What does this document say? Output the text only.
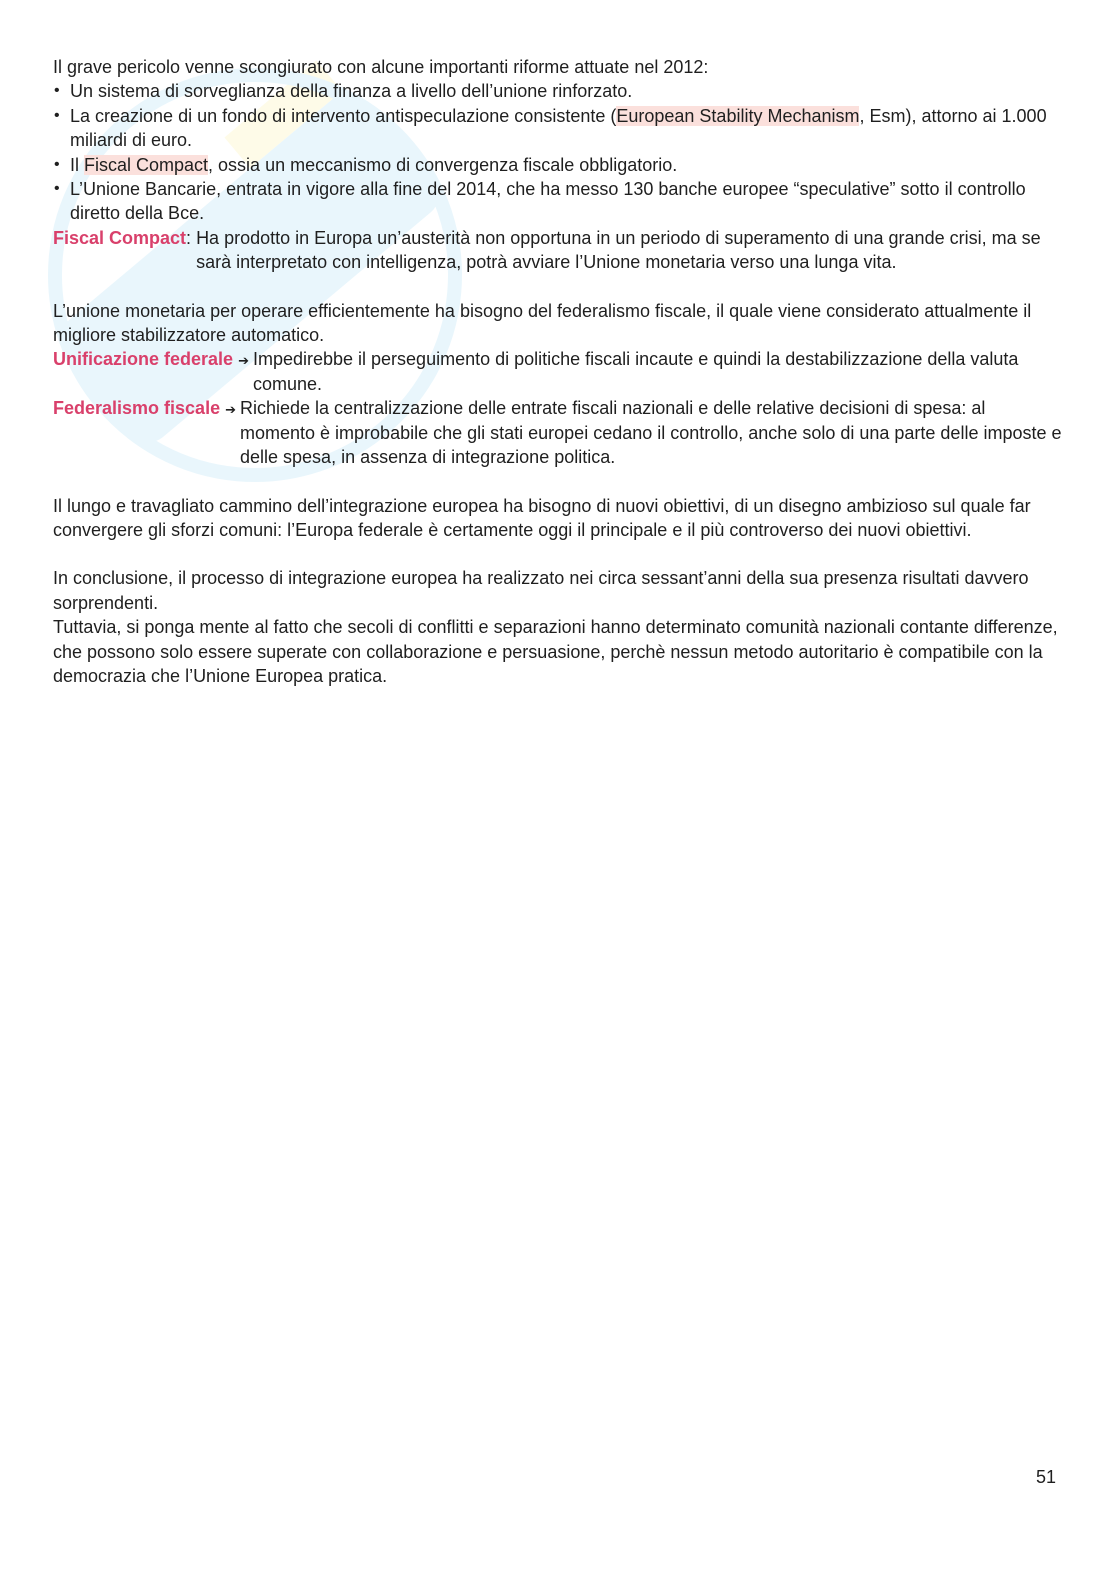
Il grave pericolo venne scongiurato con alcune importanti riforme attuate nel 2012:

• Un sistema di sorveglianza della finanza a livello dell’unione rinforzato.
• La creazione di un fondo di intervento antispeculazione consistente (European Stability Mechanism, Esm), attorno ai 1.000 miliardi di euro.
• Il Fiscal Compact, ossia un meccanismo di convergenza fiscale obbligatorio.
• L’Unione Bancarie, entrata in vigore alla fine del 2014, che ha messo 130 banche europee “speculative” sotto il controllo diretto della Bce.
Fiscal Compact: Ha prodotto in Europa un’austerità non opportuna in un periodo di superamento di una grande crisi, ma se sarà interpretato con intelligenza, potrà avviare l’Unione monetaria verso una lunga vita.

L’unione monetaria per operare efficientemente ha bisogno del federalismo fiscale, il quale viene considerato attualmente il migliore stabilizzatore automatico.

Unificazione federale ➔ Impedirebbe il perseguimento di politiche fiscali incaute e quindi la destabilizzazione della valuta comune.
Federalismo fiscale ➔ Richiede la centralizzazione delle entrate fiscali nazionali e delle relative decisioni di spesa: al momento è improbabile che gli stati europei cedano il controllo, anche solo di una parte delle imposte e delle spesa, in assenza di integrazione politica.

Il lungo e travagliato cammino dell’integrazione europea ha bisogno di nuovi obiettivi, di un disegno ambizioso sul quale far convergere gli sforzi comuni: l’Europa federale è certamente oggi il principale e il più controverso dei nuovi obiettivi.

In conclusione, il processo di integrazione europea ha realizzato nei circa sessant’anni della sua presenza risultati davvero sorprendenti.

Tuttavia, si ponga mente al fatto che secoli di conflitti e separazioni hanno determinato comunità nazionali contante differenze, che possono solo essere superate con collaborazione e persuasione, perchè nessun metodo autoritario è compatibile con la democrazia che l’Unione Europea pratica.

51
